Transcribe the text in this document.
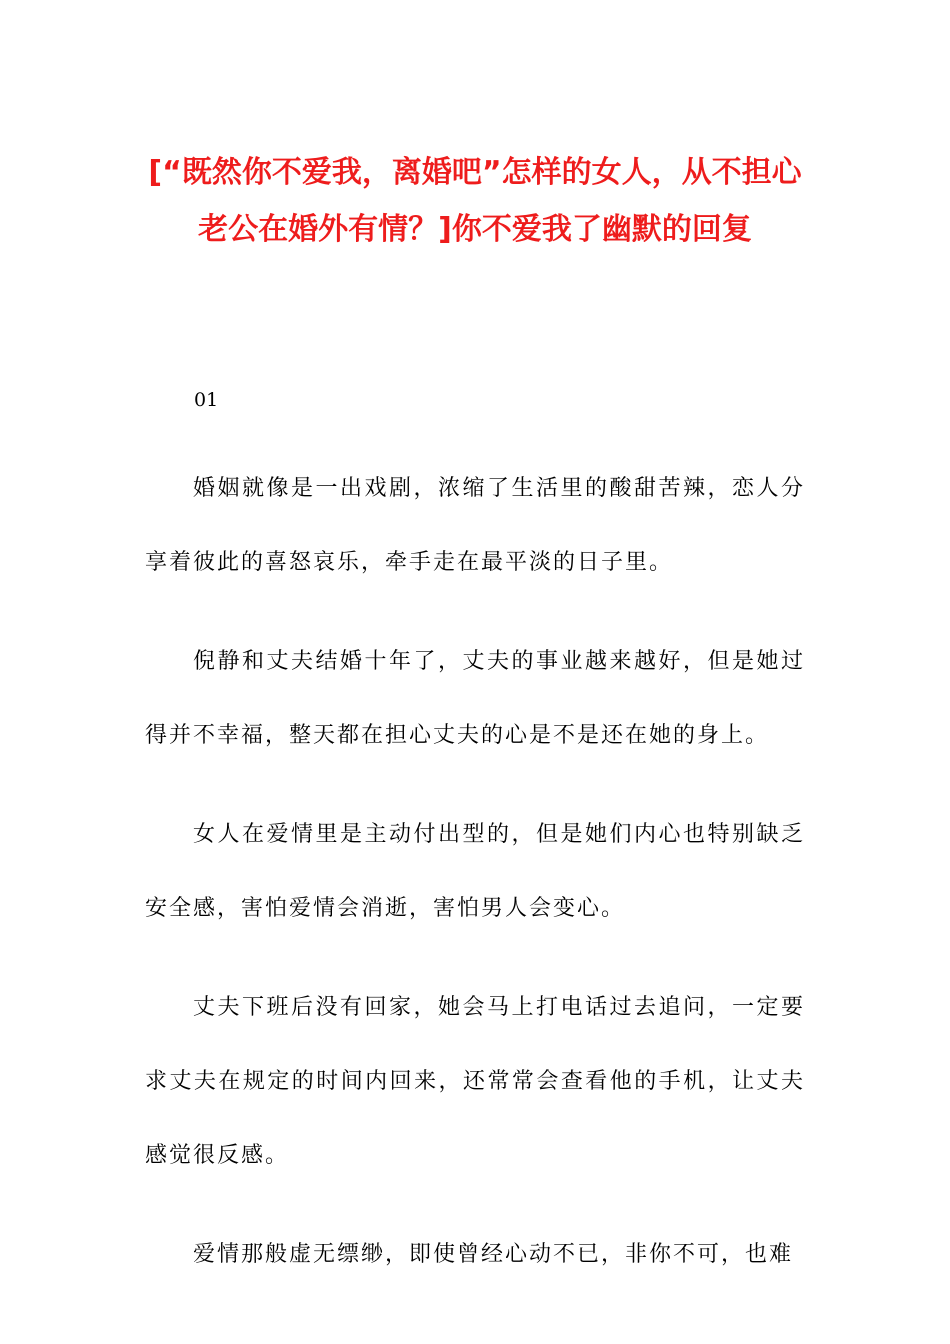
[“既然你不爱我，离婚吧”怎样的女人，从不担心老公在婚外有情？]你不爱我了幽默的回复

01

婚姻就像是一出戏剧，浓缩了生活里的酸甜苦辣，恋人分享着彼此的喜怒哀乐，牵手走在最平淡的日子里。

倪静和丈夫结婚十年了，丈夫的事业越来越好，但是她过得并不幸福，整天都在担心丈夫的心是不是还在她的身上。

女人在爱情里是主动付出型的，但是她们内心也特别缺乏安全感，害怕爱情会消逝，害怕男人会变心。

丈夫下班后没有回家，她会马上打电话过去追问，一定要求丈夫在规定的时间内回来，还常常会查看他的手机，让丈夫感觉很反感。

爱情那般虚无缥缈，即使曾经心动不已，非你不可，也难
